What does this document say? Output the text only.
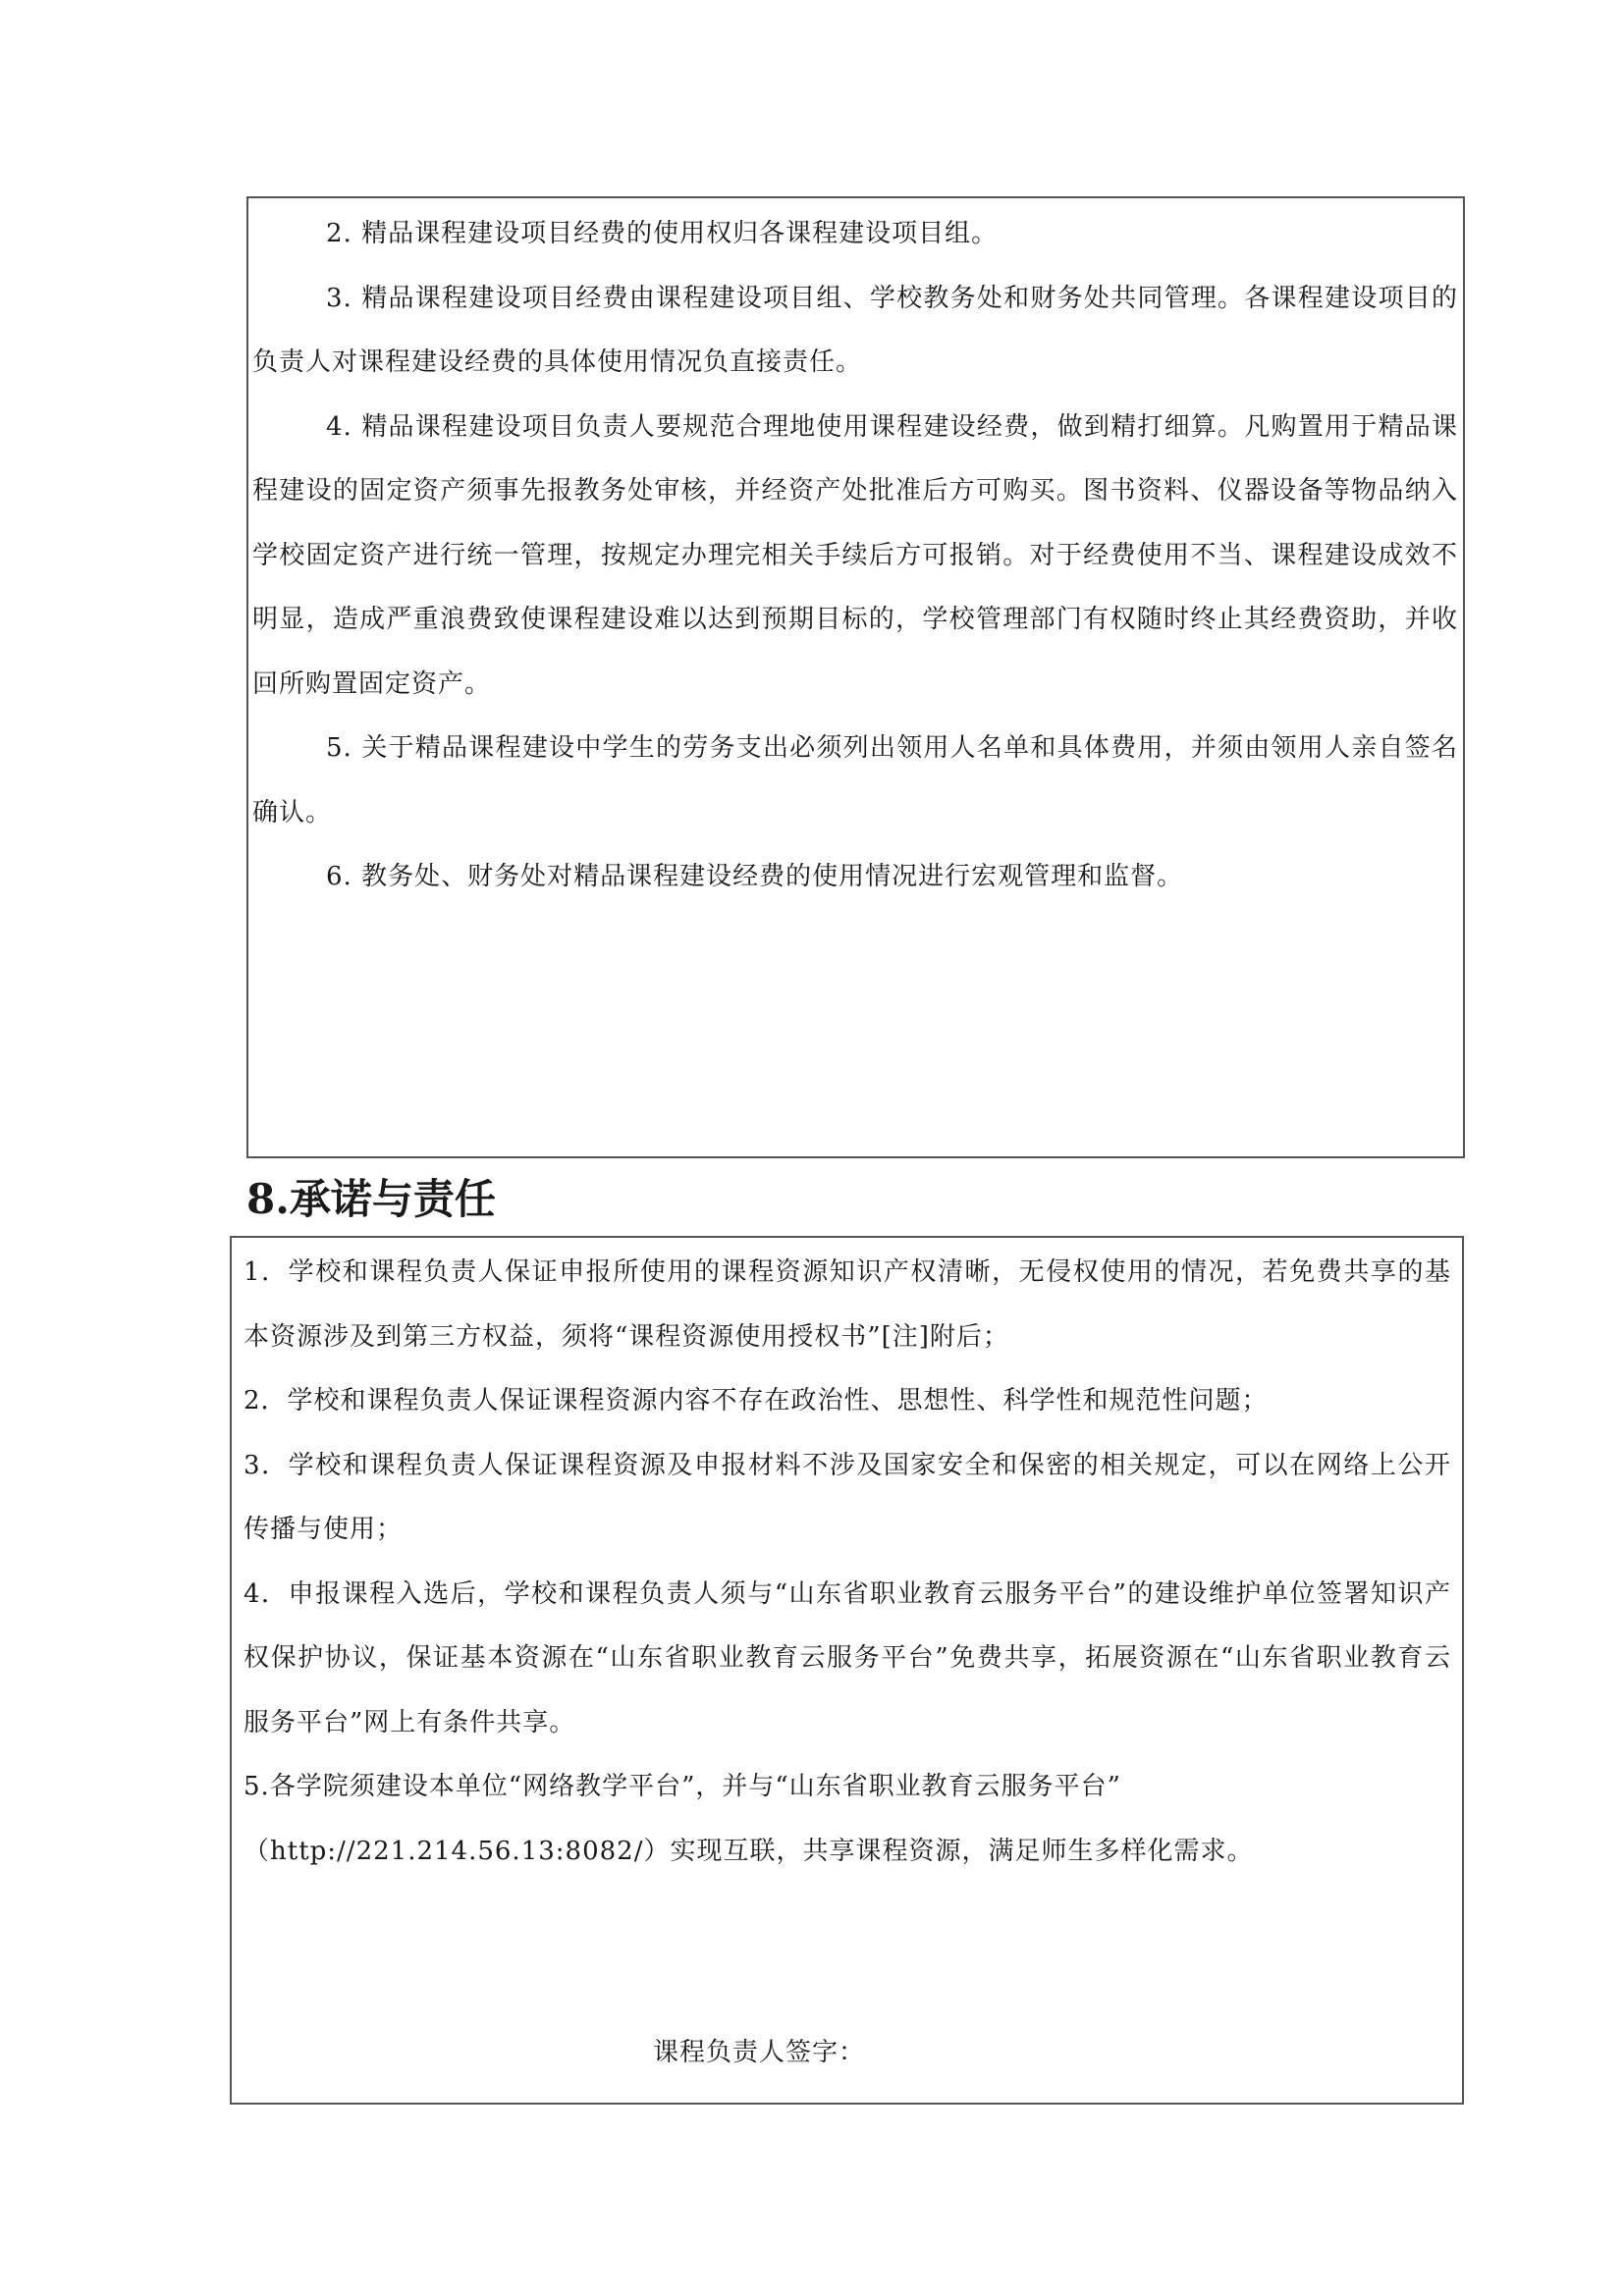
2. 精品课程建设项目经费的使用权归各课程建设项目组。

3. 精品课程建设项目经费由课程建设项目组、学校教务处和财务处共同管理。各课程建设项目的负责人对课程建设经费的具体使用情况负直接责任。

4. 精品课程建设项目负责人要规范合理地使用课程建设经费，做到精打细算。凡购置用于精品课程建设的固定资产须事先报教务处审核，并经资产处批准后方可购买。图书资料、仪器设备等物品纳入学校固定资产进行统一管理，按规定办理完相关手续后方可报销。对于经费使用不当、课程建设成效不明显，造成严重浪费致使课程建设难以达到预期目标的，学校管理部门有权随时终止其经费资助，并收回所购置固定资产。

5. 关于精品课程建设中学生的劳务支出必须列出领用人名单和具体费用，并须由领用人亲自签名确认。

6. 教务处、财务处对精品课程建设经费的使用情况进行宏观管理和监督。

8.承诺与责任

1．学校和课程负责人保证申报所使用的课程资源知识产权清晰，无侵权使用的情况，若免费共享的基本资源涉及到第三方权益，须将“课程资源使用授权书”[注]附后；

2．学校和课程负责人保证课程资源内容不存在政治性、思想性、科学性和规范性问题；

3．学校和课程负责人保证课程资源及申报材料不涉及国家安全和保密的相关规定，可以在网络上公开传播与使用；

4．申报课程入选后，学校和课程负责人须与“山东省职业教育云服务平台”的建设维护单位签署知识产权保护协议，保证基本资源在“山东省职业教育云服务平台”免费共享，拓展资源在“山东省职业教育云服务平台”网上有条件共享。

5.各学院须建设本单位“网络教学平台”，并与“山东省职业教育云服务平台”

（http://221.214.56.13:8082/）实现互联，共享课程资源，满足师生多样化需求。

课程负责人签字：
